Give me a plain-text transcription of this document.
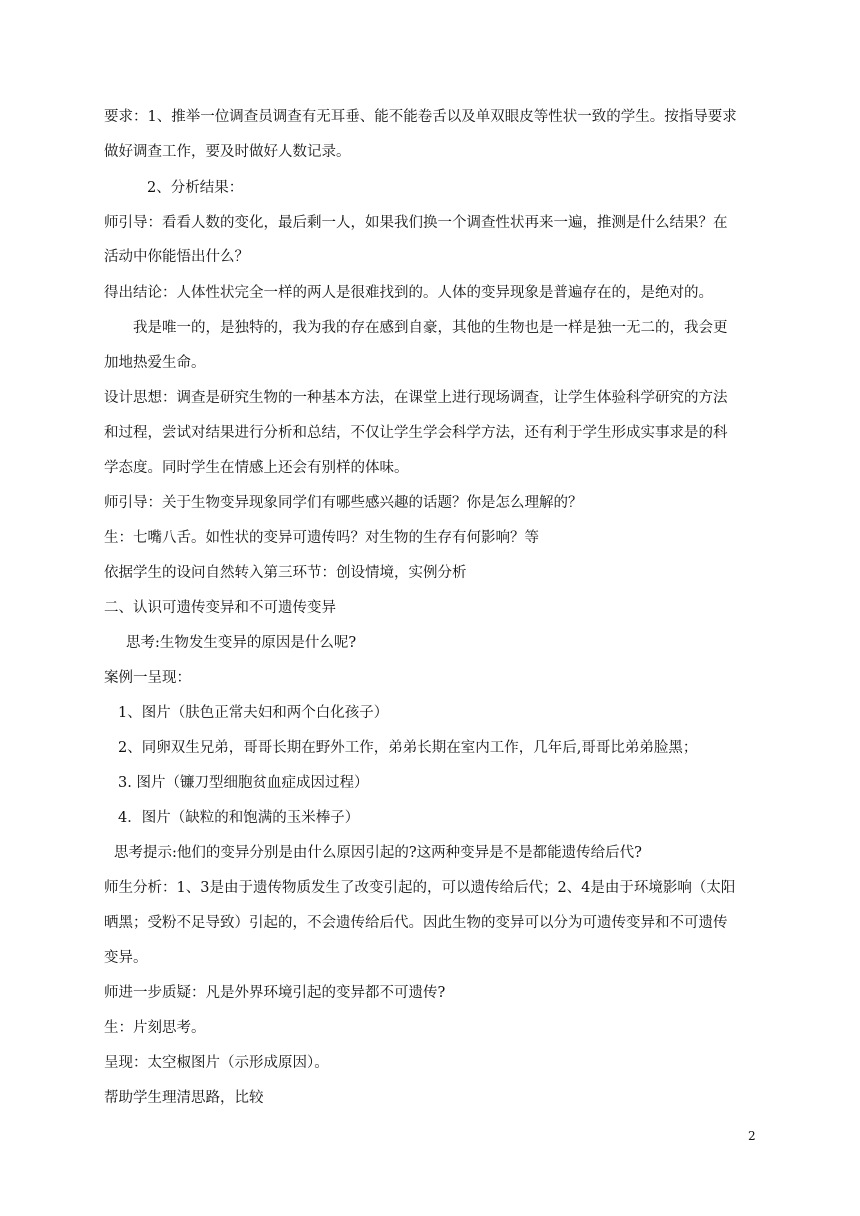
要求：1、推举一位调查员调查有无耳垂、能不能卷舌以及单双眼皮等性状一致的学生。按指导要求
做好调查工作，要及时做好人数记录。
2、分析结果：
师引导：看看人数的变化，最后剩一人，如果我们换一个调查性状再来一遍，推测是什么结果？在
活动中你能悟出什么？
得出结论：人体性状完全一样的两人是很难找到的。人体的变异现象是普遍存在的，是绝对的。
我是唯一的，是独特的，我为我的存在感到自豪，其他的生物也是一样是独一无二的，我会更
加地热爱生命。
设计思想：调查是研究生物的一种基本方法，在课堂上进行现场调查，让学生体验科学研究的方法
和过程，尝试对结果进行分析和总结，不仅让学生学会科学方法，还有利于学生形成实事求是的科
学态度。同时学生在情感上还会有别样的体味。
师引导：关于生物变异现象同学们有哪些感兴趣的话题？你是怎么理解的？
生：七嘴八舌。如性状的变异可遗传吗？对生物的生存有何影响？等
依据学生的设问自然转入第三环节：创设情境，实例分析
二、认识可遗传变异和不可遗传变异
思考:生物发生变异的原因是什么呢?
案例一呈现：
1、图片（肤色正常夫妇和两个白化孩子）
2、同卵双生兄弟，哥哥长期在野外工作，弟弟长期在室内工作，几年后,哥哥比弟弟脸黑；
3. 图片（镰刀型细胞贫血症成因过程）
4．图片（缺粒的和饱满的玉米棒子）
思考提示:他们的变异分别是由什么原因引起的?这两种变异是不是都能遗传给后代?
师生分析：1、3是由于遗传物质发生了改变引起的，可以遗传给后代；2、4是由于环境影响（太阳
晒黑；受粉不足导致）引起的，不会遗传给后代。因此生物的变异可以分为可遗传变异和不可遗传
变异。
师进一步质疑：凡是外界环境引起的变异都不可遗传?
生：片刻思考。
呈现：太空椒图片（示形成原因）。
帮助学生理清思路，比较
2
